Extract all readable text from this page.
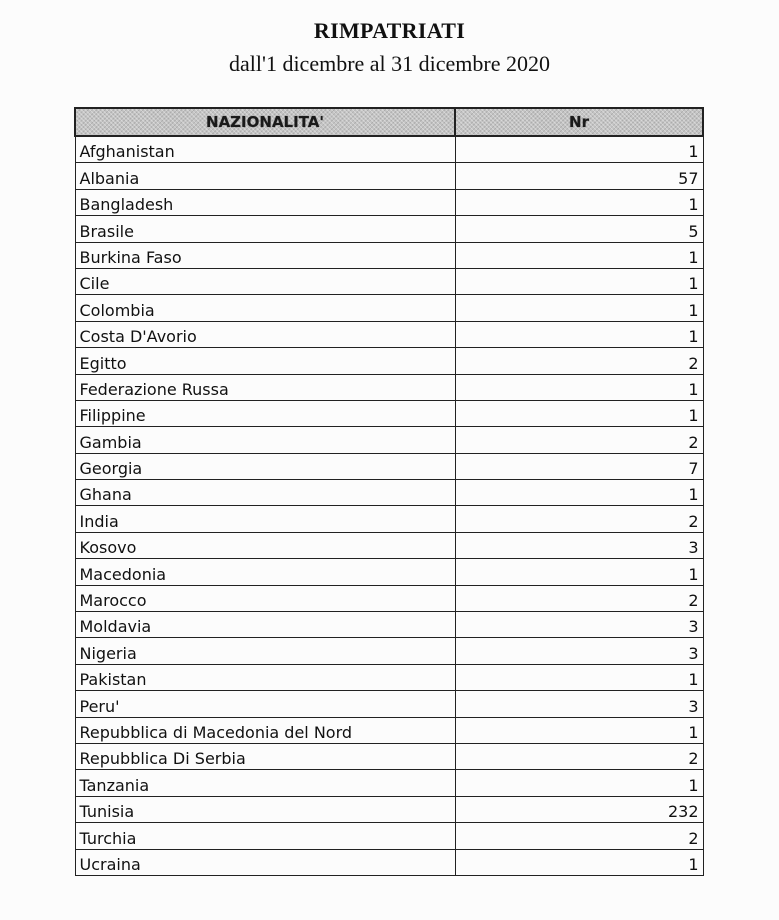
RIMPATRIATI
dall'1 dicembre al 31 dicembre 2020
NAZIONALITA'	Nr
Afghanistan	1
Albania	57
Bangladesh	1
Brasile	5
Burkina Faso	1
Cile	1
Colombia	1
Costa D'Avorio	1
Egitto	2
Federazione Russa	1
Filippine	1
Gambia	2
Georgia	7
Ghana	1
India	2
Kosovo	3
Macedonia	1
Marocco	2
Moldavia	3
Nigeria	3
Pakistan	1
Peru'	3
Repubblica di Macedonia del Nord	1
Repubblica Di Serbia	2
Tanzania	1
Tunisia	232
Turchia	2
Ucraina	1
